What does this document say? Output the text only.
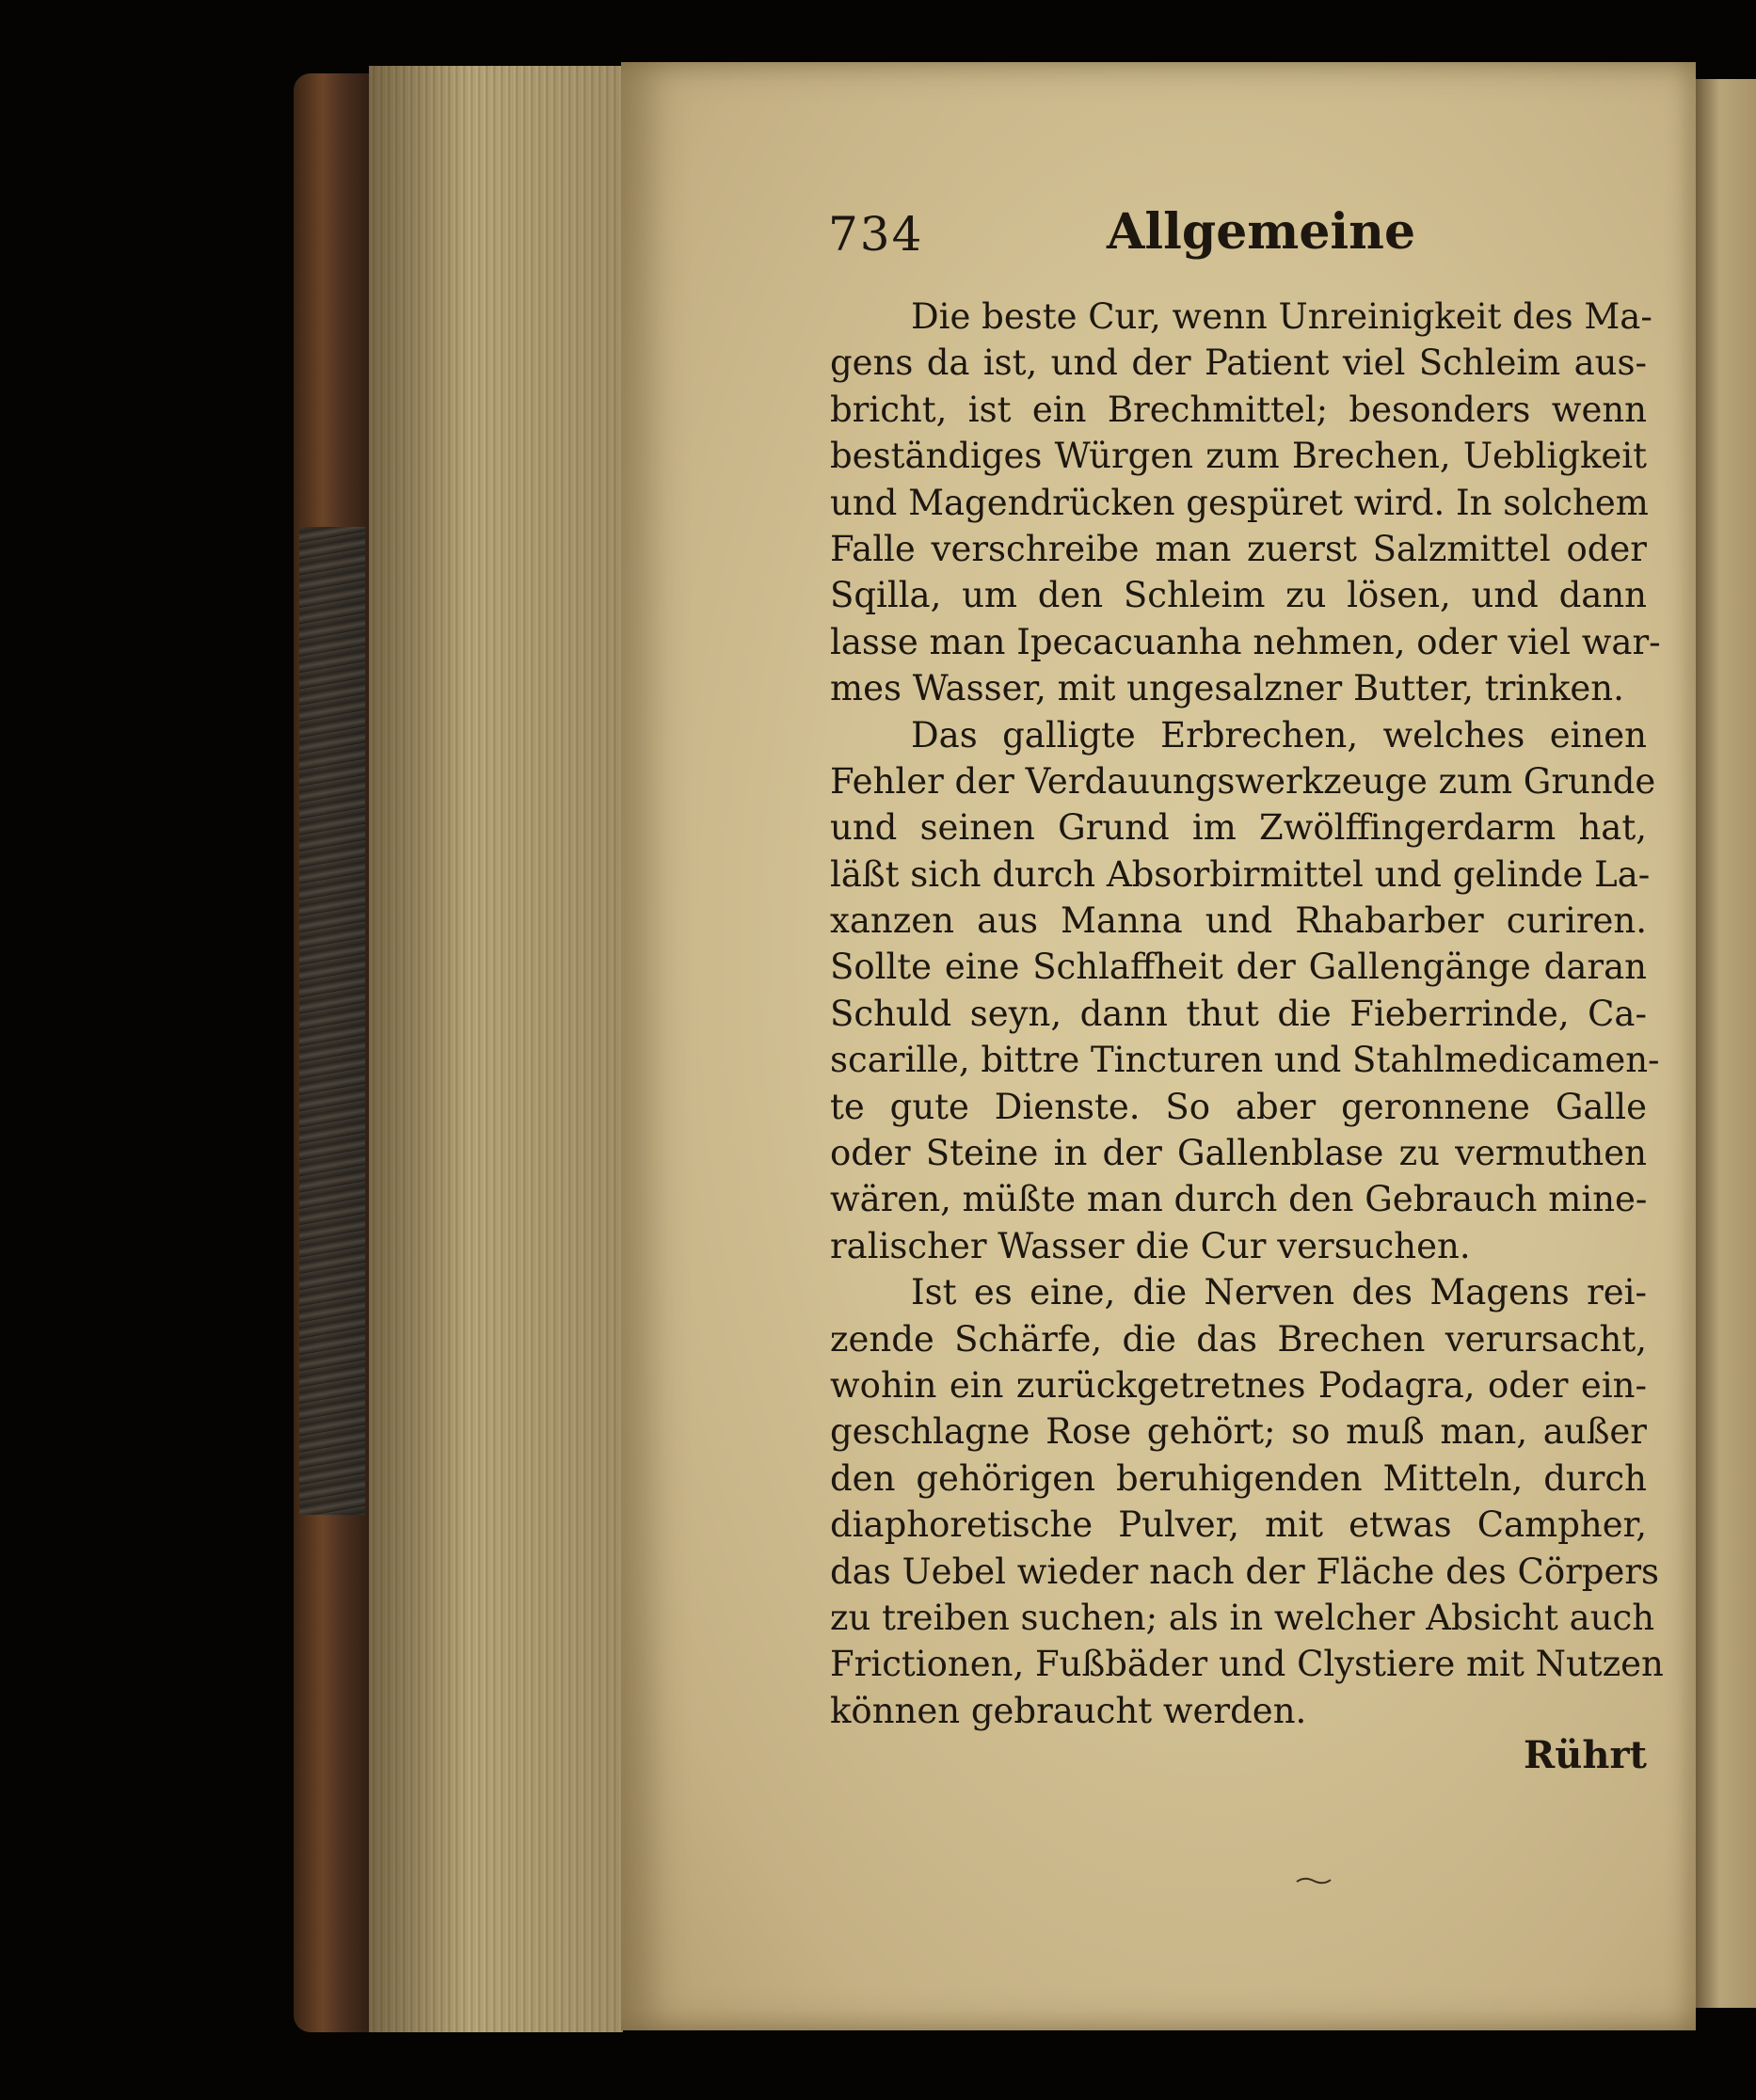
734	Allgemeine
Die beste Cur, wenn Unreinigkeit des Ma-
gens da ist, und der Patient viel Schleim aus-
bricht, ist ein Brechmittel; besonders wenn
beständiges Würgen zum Brechen, Uebligkeit
und Magendrücken gespüret wird. In solchem
Falle verschreibe man zuerst Salzmittel oder
Sqilla, um den Schleim zu lösen, und dann
lasse man Ipecacuanha nehmen, oder viel war-
mes Wasser, mit ungesalzner Butter, trinken.
Das galligte Erbrechen, welches einen
Fehler der Verdauungswerkzeuge zum Grunde
und seinen Grund im Zwölffingerdarm hat,
läßt sich durch Absorbirmittel und gelinde La-
xanzen aus Manna und Rhabarber curiren.
Sollte eine Schlaffheit der Gallengänge daran
Schuld seyn, dann thut die Fieberrinde, Ca-
scarille, bittre Tincturen und Stahlmedicamen-
te gute Dienste. So aber geronnene Galle
oder Steine in der Gallenblase zu vermuthen
wären, müßte man durch den Gebrauch mine-
ralischer Wasser die Cur versuchen.
Ist es eine, die Nerven des Magens rei-
zende Schärfe, die das Brechen verursacht,
wohin ein zurückgetretnes Podagra, oder ein-
geschlagne Rose gehört; so muß man, außer
den gehörigen beruhigenden Mitteln, durch
diaphoretische Pulver, mit etwas Campher,
das Uebel wieder nach der Fläche des Cörpers
zu treiben suchen; als in welcher Absicht auch
Frictionen, Fußbäder und Clystiere mit Nutzen
können gebraucht werden.
Rührt
